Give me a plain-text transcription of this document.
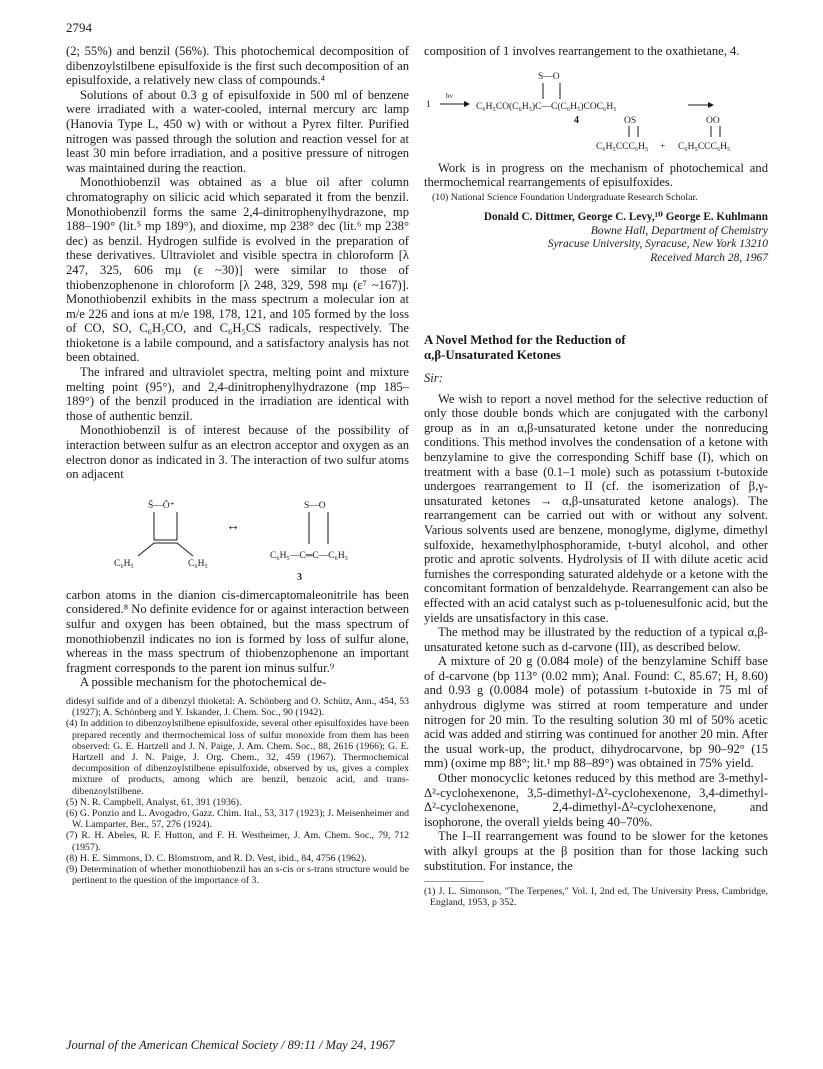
2794

(2; 55%) and benzil (56%). This photochemical decomposition of dibenzoylstilbene episulfoxide is the first such decomposition of an episulfoxide, a relatively new class of compounds.⁴

Solutions of about 0.3 g of episulfoxide in 500 ml of benzene were irradiated with a water-cooled, internal mercury arc lamp (Hanovia Type L, 450 w) with or without a Pyrex filter. Purified nitrogen was passed through the solution and reaction vessel for at least 30 min before irradiation, and a positive pressure of nitrogen was maintained during the reaction.

Monothiobenzil was obtained as a blue oil after column chromatography on silicic acid which separated it from the benzil. Monothiobenzil forms the same 2,4-dinitrophenylhydrazone, mp 188–190° (lit.⁵ mp 189°), and dioxime, mp 238° dec (lit.⁶ mp 238° dec) as benzil. Hydrogen sulfide is evolved in the preparation of these derivatives. Ultraviolet and visible spectra in chloroform [λ 247, 325, 606 mμ (ε ~30)] were similar to those of thiobenzophenone in chloroform [λ 248, 329, 598 mμ (ε⁷ ~167)]. Monothiobenzil exhibits in the mass spectrum a molecular ion at m/e 226 and ions at m/e 198, 178, 121, and 105 formed by the loss of CO, SO, C₆H₅CO, and C₆H₅CS radicals, respectively. The thioketone is a labile compound, and a satisfactory analysis has not been obtained.

The infrared and ultraviolet spectra, melting point and mixture melting point (95°), and 2,4-dinitrophenylhydrazone (mp 185–189°) of the benzil produced in the irradiation are identical with those of authentic benzil.

Monothiobenzil is of interest because of the possibility of interaction between sulfur as an electron acceptor and oxygen as an electron donor as indicated in 3. The interaction of two sulfur atoms on adjacent

S̄—Ō⁺
C₆H₅	C₆H₅
↔
S—O
C₆H₅—C═C—C₆H₅
3

carbon atoms in the dianion cis-dimercaptomaleonitrile has been considered.⁸ No definite evidence for or against interaction between sulfur and oxygen has been obtained, but the mass spectrum of monothiobenzil indicates no ion is formed by loss of sulfur alone, whereas in the mass spectrum of thiobenzophenone an important fragment corresponds to the parent ion minus sulfur.⁹

A possible mechanism for the photochemical de-

didesyl sulfide and of a dibenzyl thioketal: A. Schönberg and O. Schütz, Ann., 454, 53 (1927); A. Schönberg and Y. Iskander, J. Chem. Soc., 90 (1942).
(4) In addition to dibenzoylstilbene episulfoxide, several other episulfoxides have been prepared recently and thermochemical loss of sulfur monoxide from them has been observed: G. E. Hartzell and J. N. Paige, J. Am. Chem. Soc., 88, 2616 (1966); G. E. Hartzell and J. N. Paige, J. Org. Chem., 32, 459 (1967). Thermochemical decomposition of dibenzoylstilbene episulfoxide, observed by us, gives a complex mixture of products, among which are benzil, benzoic acid, and trans-dibenzoylstilbene.
(5) N. R. Campbell, Analyst, 61, 391 (1936).
(6) G. Ponzio and L. Avogadro, Gazz. Chim. Ital., 53, 317 (1923); J. Meisenheimer and W. Lamparter, Ber., 57, 276 (1924).
(7) R. H. Abeles, R. F. Hutton, and F. H. Westheimer, J. Am. Chem. Soc., 79, 712 (1957).
(8) H. E. Simmons, D. C. Blomstrom, and R. D. Vest, ibid., 84, 4756 (1962).
(9) Determination of whether monothiobenzil has an s-cis or s-trans structure would be pertinent to the question of the importance of 3.

composition of 1 involves rearrangement to the oxathietane, 4.

1
hν
S—O
C₆H₅CO(C₆H₅)C—C(C₆H₅)COC₆H₅
4	OS	OO
C₆H₅CCC₆H₅ + C₆H₅CCC₆H₅

Work is in progress on the mechanism of photochemical and thermochemical rearrangements of episulfoxides.

(10) National Science Foundation Undergraduate Research Scholar.
Donald C. Dittmer, George C. Levy,¹⁰ George E. Kuhlmann
Bowne Hall, Department of Chemistry
Syracuse University, Syracuse, New York 13210
Received March 28, 1967
A Novel Method for the Reduction of
α,β-Unsaturated Ketones
Sir:

We wish to report a novel method for the selective reduction of only those double bonds which are conjugated with the carbonyl group as in an α,β-unsaturated ketone under the nonreducing conditions. This method involves the condensation of a ketone with benzylamine to give the corresponding Schiff base (I), which on treatment with a base (0.1–1 mole) such as potassium t-butoxide undergoes rearrangement to II (cf. the isomerization of β,γ-unsaturated ketones → α,β-unsaturated ketone analogs). The rearrangement can be carried out with or without any solvent. Various solvents used are benzene, monoglyme, diglyme, dimethyl sulfoxide, hexamethylphosphoramide, t-butyl alcohol, and other protic and aprotic solvents. Hydrolysis of II with dilute acetic acid furnishes the corresponding saturated aldehyde or a ketone with the concomitant formation of benzaldehyde. Rearrangement can also be effected with an acid catalyst such as p-toluenesulfonic acid, but the yields are unsatisfactory in this case.

The method may be illustrated by the reduction of a typical α,β-unsaturated ketone such as d-carvone (III), as described below.

A mixture of 20 g (0.084 mole) of the benzylamine Schiff base of d-carvone (bp 113° (0.02 mm); Anal. Found: C, 85.67; H, 8.60) and 0.93 g (0.0084 mole) of potassium t-butoxide in 75 ml of anhydrous diglyme was stirred at room temperature and under nitrogen for 20 min. To the resulting solution 30 ml of 50% acetic acid was added and stirring was continued for another 20 min. After the usual work-up, the product, dihydrocarvone, bp 90–92° (15 mm) (oxime mp 88°; lit.¹ mp 88–89°) was obtained in 75% yield.

Other monocyclic ketones reduced by this method are 3-methyl-Δ²-cyclohexenone, 3,5-dimethyl-Δ²-cyclohexenone, 3,4-dimethyl-Δ²-cyclohexenone, 2,4-dimethyl-Δ²-cyclohexenone, and isophorone, the overall yields being 40–70%.

The I–II rearrangement was found to be slower for the ketones with alkyl groups at the β position than for those lacking such substitution. For instance, the

(1) J. L. Simonson, "The Terpenes," Vol. I, 2nd ed, The University Press, Cambridge, England, 1953, p 352.
Journal of the American Chemical Society / 89:11 / May 24, 1967
